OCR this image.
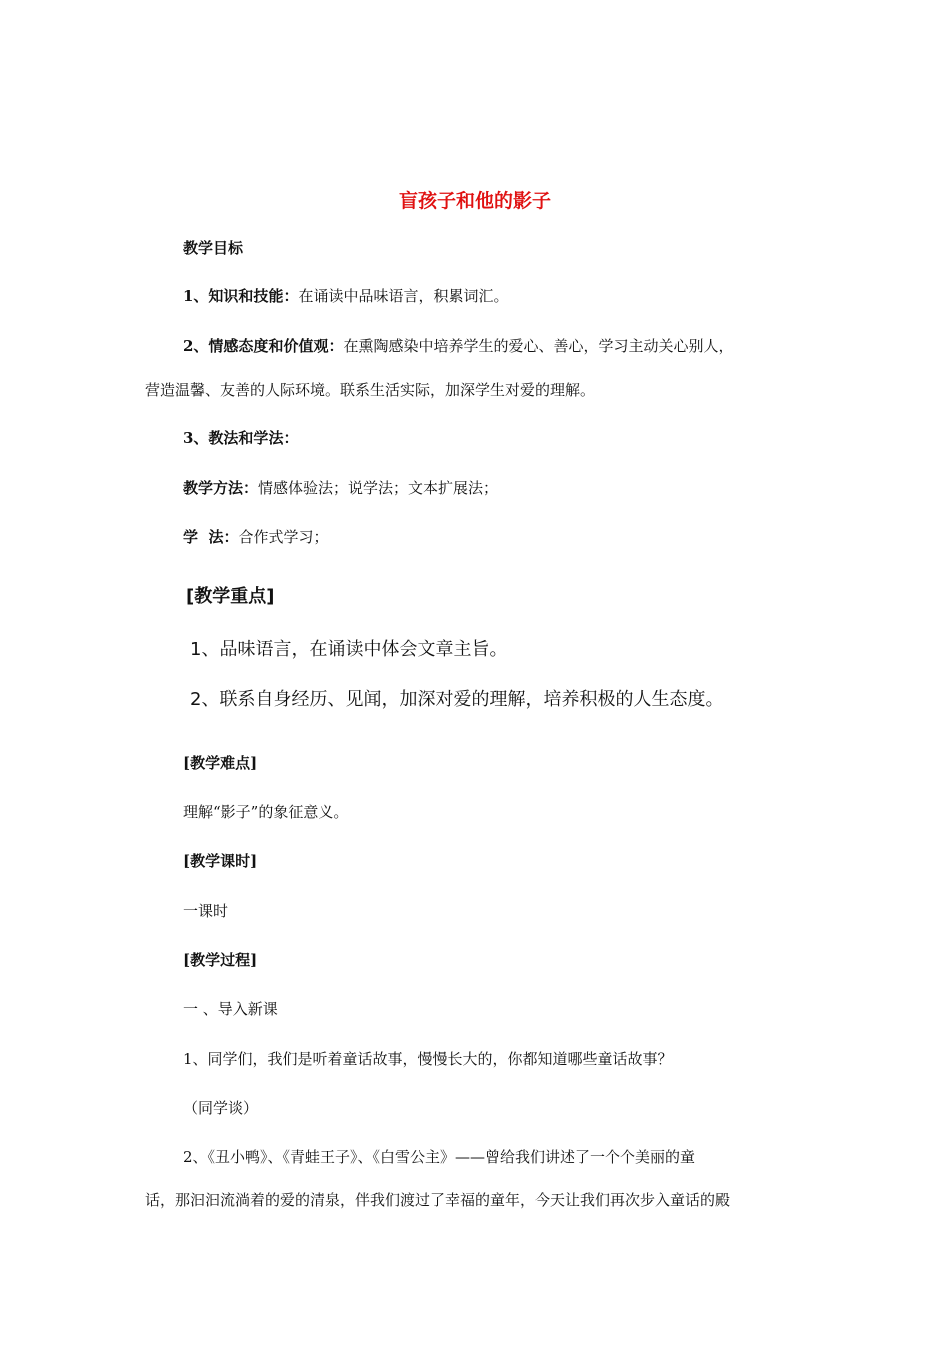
盲孩子和他的影子
教学目标
1、知识和技能：在诵读中品味语言，积累词汇。
2、情感态度和价值观：在熏陶感染中培养学生的爱心、善心，学习主动关心别人，
营造温馨、友善的人际环境。联系生活实际，加深学生对爱的理解。
3、教法和学法：
教学方法：情感体验法；说学法；文本扩展法；
学  法：合作式学习；
[教学重点]
1、品味语言，在诵读中体会文章主旨。
2、联系自身经历、见闻，加深对爱的理解，培养积极的人生态度。
[教学难点]
理解“影子”的象征意义。
[教学课时]
一课时
[教学过程]
一 、导入新课
1、同学们，我们是听着童话故事，慢慢长大的，你都知道哪些童话故事？
（同学谈）
2、《丑小鸭》、《青蛙王子》、《白雪公主》——曾给我们讲述了一个个美丽的童
话，那汩汩流淌着的爱的清泉，伴我们渡过了幸福的童年，今天让我们再次步入童话的殿
